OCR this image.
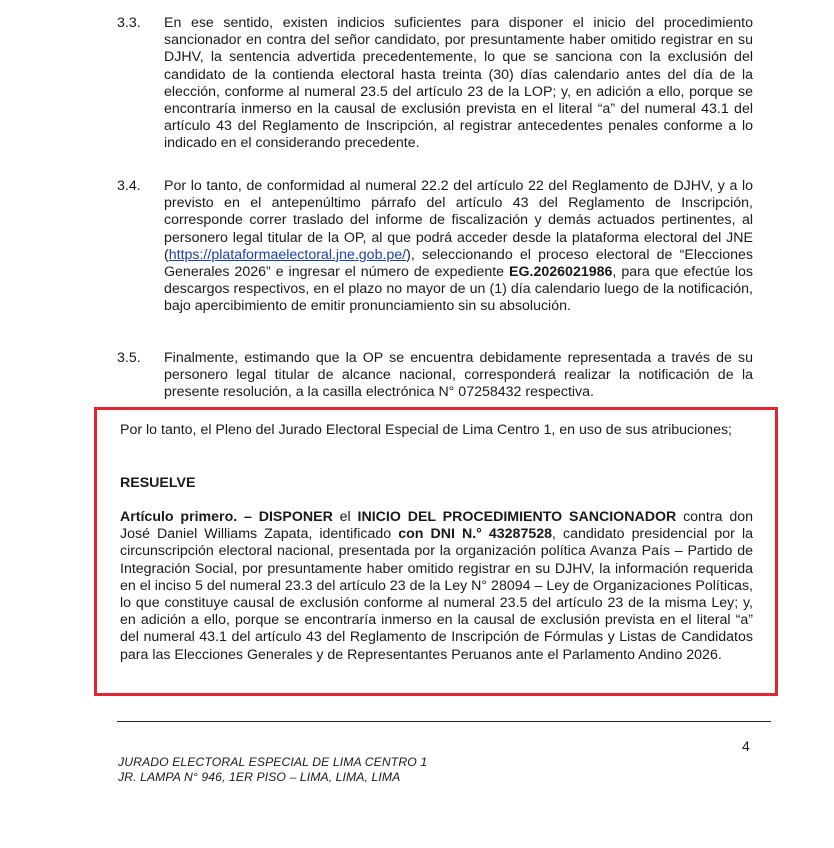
3.3. En ese sentido, existen indicios suficientes para disponer el inicio del procedimiento sancionador en contra del señor candidato, por presuntamente haber omitido registrar en su DJHV, la sentencia advertida precedentemente, lo que se sanciona con la exclusión del candidato de la contienda electoral hasta treinta (30) días calendario antes del día de la elección, conforme al numeral 23.5 del artículo 23 de la LOP; y, en adición a ello, porque se encontraría inmerso en la causal de exclusión prevista en el literal “a” del numeral 43.1 del artículo 43 del Reglamento de Inscripción, al registrar antecedentes penales conforme a lo indicado en el considerando precedente.
3.4. Por lo tanto, de conformidad al numeral 22.2 del artículo 22 del Reglamento de DJHV, y a lo previsto en el antepenúltimo párrafo del artículo 43 del Reglamento de Inscripción, corresponde correr traslado del informe de fiscalización y demás actuados pertinentes, al personero legal titular de la OP, al que podrá acceder desde la plataforma electoral del JNE (https://plataformaelectoral.jne.gob.pe/), seleccionando el proceso electoral de “Elecciones Generales 2026” e ingresar el número de expediente EG.2026021986, para que efectúe los descargos respectivos, en el plazo no mayor de un (1) día calendario luego de la notificación, bajo apercibimiento de emitir pronunciamiento sin su absolución.
3.5. Finalmente, estimando que la OP se encuentra debidamente representada a través de su personero legal titular de alcance nacional, corresponderá realizar la notificación de la presente resolución, a la casilla electrónica N° 07258432 respectiva.
Por lo tanto, el Pleno del Jurado Electoral Especial de Lima Centro 1, en uso de sus atribuciones;
RESUELVE
Artículo primero. – DISPONER el INICIO DEL PROCEDIMIENTO SANCIONADOR contra don José Daniel Williams Zapata, identificado con DNI N.° 43287528, candidato presidencial por la circunscripción electoral nacional, presentada por la organización política Avanza País – Partido de Integración Social, por presuntamente haber omitido registrar en su DJHV, la información requerida en el inciso 5 del numeral 23.3 del artículo 23 de la Ley N° 28094 – Ley de Organizaciones Políticas, lo que constituye causal de exclusión conforme al numeral 23.5 del artículo 23 de la misma Ley; y, en adición a ello, porque se encontraría inmerso en la causal de exclusión prevista en el literal “a” del numeral 43.1 del artículo 43 del Reglamento de Inscripción de Fórmulas y Listas de Candidatos para las Elecciones Generales y de Representantes Peruanos ante el Parlamento Andino 2026.
4
JURADO ELECTORAL ESPECIAL DE LIMA CENTRO 1
JR. LAMPA N° 946, 1ER PISO – LIMA, LIMA, LIMA
